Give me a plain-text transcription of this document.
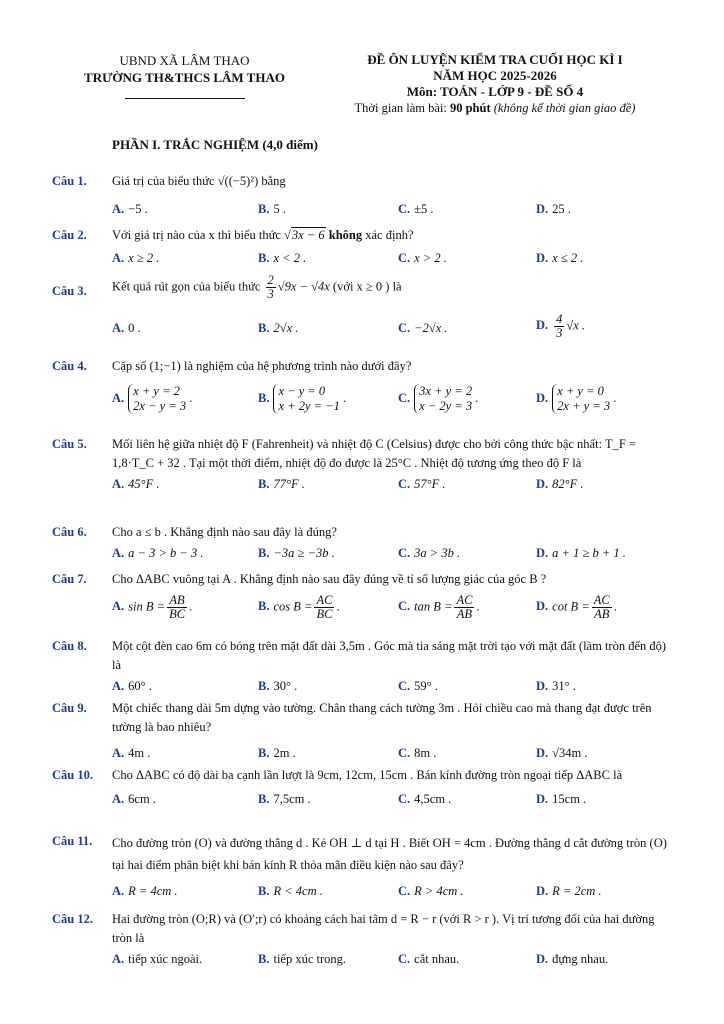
UBND XÃ LÂM THAO
TRƯỜNG TH&THCS LÂM THAO
ĐỀ ÔN LUYỆN KIỂM TRA CUỐI HỌC KÌ I
NĂM HỌC 2025-2026
Môn: TOÁN - LỚP 9 - ĐỀ SỐ 4
Thời gian làm bài: 90 phút (không kể thời gian giao đề)
PHẦN I. TRẮC NGHIỆM (4,0 điểm)
Câu 1. Giá trị của biểu thức √((−5)²) bằng
A. −5 .	B. 5 .	C. ±5 .	D. 25 .
Câu 2. Với giá trị nào của x thì biểu thức √3x − 6 không xác định?
A. x ≥ 2 .	B. x < 2 .	C. x > 2 .	D. x ≤ 2 .
Câu 3. Kết quả rút gọn của biểu thức $\frac{2}{3} √9x - √4x$ (với x ≥ 0 ) là
A. 0 .	B. 2√x .	C. −2√x .	D. $\frac{4}{3} √x$ .
Câu 4. Cặp số (1;−1) là nghiệm của hệ phương trình nào dưới đây?
A. x + y = 2
2x − y = 3 .	B. x − y = 0
x + 2y = −1 .	C. 3x + y = 2
x − 2y = 3 .	D. x + y = 0
2x + y = 3 .
Câu 5. Mối liên hệ giữa nhiệt độ F (Fahrenheit) và nhiệt độ C (Celsius) được cho bởi công thức bậc nhất: T_F = 1,8·T_C + 32 . Tại một thời điểm, nhiệt độ đo được là 25°C . Nhiệt độ tương ứng theo độ F là
A. 45°F .	B. 77°F .	C. 57°F .	D. 82°F .
Câu 6. Cho a ≤ b . Khẳng định nào sau đây là đúng?
A. a − 3 > b − 3 .	B. −3a ≥ −3b .	C. 3a > 3b .	D. a + 1 ≥ b + 1 .
Câu 7. Cho ΔABC vuông tại A . Khẳng định nào sau đây đúng về tỉ số lượng giác của góc B ?
A. $\sin B = \frac{AB}{BC}$ .	B. $\cos B = \frac{AC}{BC}$ .	C. $\tan B = \frac{AC}{AB}$ .	D. $\cot B = \frac{AC}{AB}$ .
Câu 8. Một cột đèn cao 6m có bóng trên mặt đất dài 3,5m . Góc mà tia sáng mặt trời tạo với mặt đất (làm tròn đến độ) là
A. 60° .	B. 30° .	C. 59° .	D. 31° .
Câu 9. Một chiếc thang dài 5m dựng vào tường. Chân thang cách tường 3m . Hỏi chiều cao mà thang đạt được trên tường là bao nhiêu?
A. 4m .	B. 2m .	C. 8m .	D. √34m .
Câu 10. Cho ΔABC có độ dài ba cạnh lần lượt là 9cm, 12cm, 15cm . Bán kính đường tròn ngoại tiếp ΔABC là
A. 6cm .	B. 7,5cm .	C. 4,5cm .	D. 15cm .
Câu 11. Cho đường tròn (O) và đường thẳng d . Kẻ OH ⊥ d tại H . Biết OH = 4cm . Đường thẳng d cắt đường tròn (O) tại hai điểm phân biệt khi bán kính R thỏa mãn điều kiện nào sau đây?
A. R = 4cm .	B. R < 4cm .	C. R > 4cm .	D. R = 2cm .
Câu 12. Hai đường tròn (O;R) và (O′;r) có khoảng cách hai tâm d = R − r (với R > r ). Vị trí tương đối của hai đường tròn là
A. tiếp xúc ngoài.	B. tiếp xúc trong.	C. cắt nhau.	D. đựng nhau.
